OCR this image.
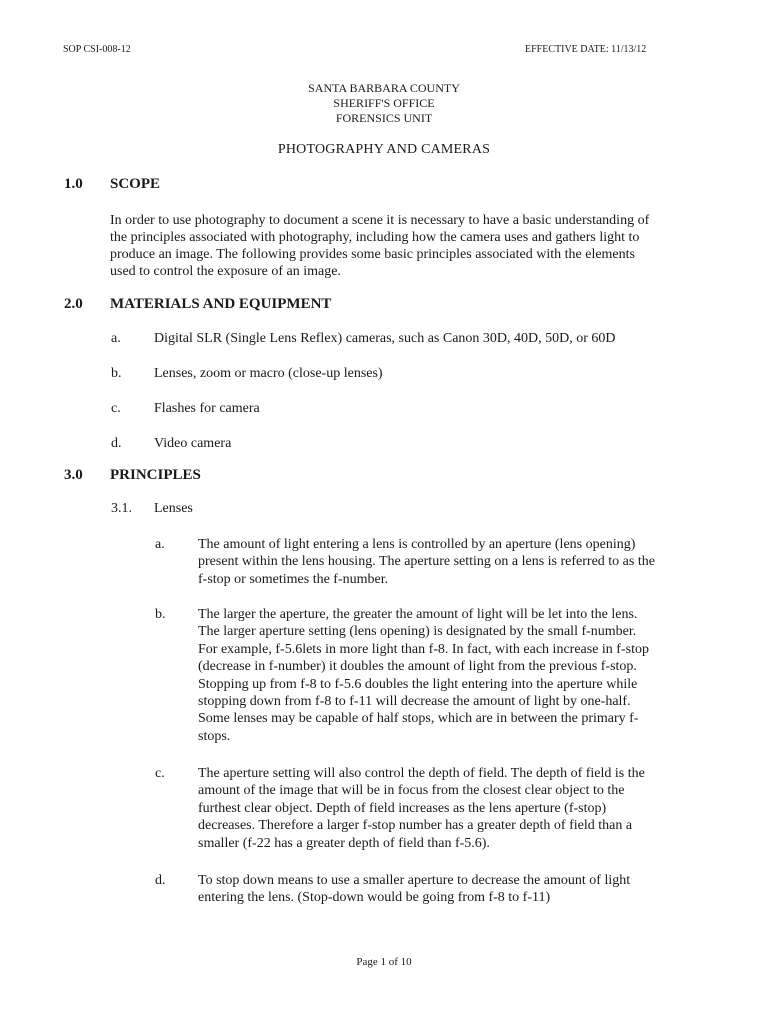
SOP CSI-008-12	EFFECTIVE DATE: 11/13/12
SANTA BARBARA COUNTY
SHERIFF'S OFFICE
FORENSICS UNIT
PHOTOGRAPHY AND CAMERAS
1.0 SCOPE
In order to use photography to document a scene it is necessary to have a basic understanding of
the principles associated with photography, including how the camera uses and gathers light to
produce an image. The following provides some basic principles associated with the elements
used to control the exposure of an image.
2.0 MATERIALS AND EQUIPMENT
a. Digital SLR (Single Lens Reflex) cameras, such as Canon 30D, 40D, 50D, or 60D
b. Lenses, zoom or macro (close-up lenses)
c. Flashes for camera
d. Video camera
3.0 PRINCIPLES
3.1. Lenses
a. The amount of light entering a lens is controlled by an aperture (lens opening)
present within the lens housing. The aperture setting on a lens is referred to as the
f-stop or sometimes the f-number.
b. The larger the aperture, the greater the amount of light will be let into the lens.
The larger aperture setting (lens opening) is designated by the small f-number.
For example, f-5.6lets in more light than f-8. In fact, with each increase in f-stop
(decrease in f-number) it doubles the amount of light from the previous f-stop.
Stopping up from f-8 to f-5.6 doubles the light entering into the aperture while
stopping down from f-8 to f-11 will decrease the amount of light by one-half.
Some lenses may be capable of half stops, which are in between the primary f-
stops.
c. The aperture setting will also control the depth of field. The depth of field is the
amount of the image that will be in focus from the closest clear object to the
furthest clear object. Depth of field increases as the lens aperture (f-stop)
decreases. Therefore a larger f-stop number has a greater depth of field than a
smaller (f-22 has a greater depth of field than f-5.6).
d. To stop down means to use a smaller aperture to decrease the amount of light
entering the lens. (Stop-down would be going from f-8 to f-11)
Page 1 of 10
